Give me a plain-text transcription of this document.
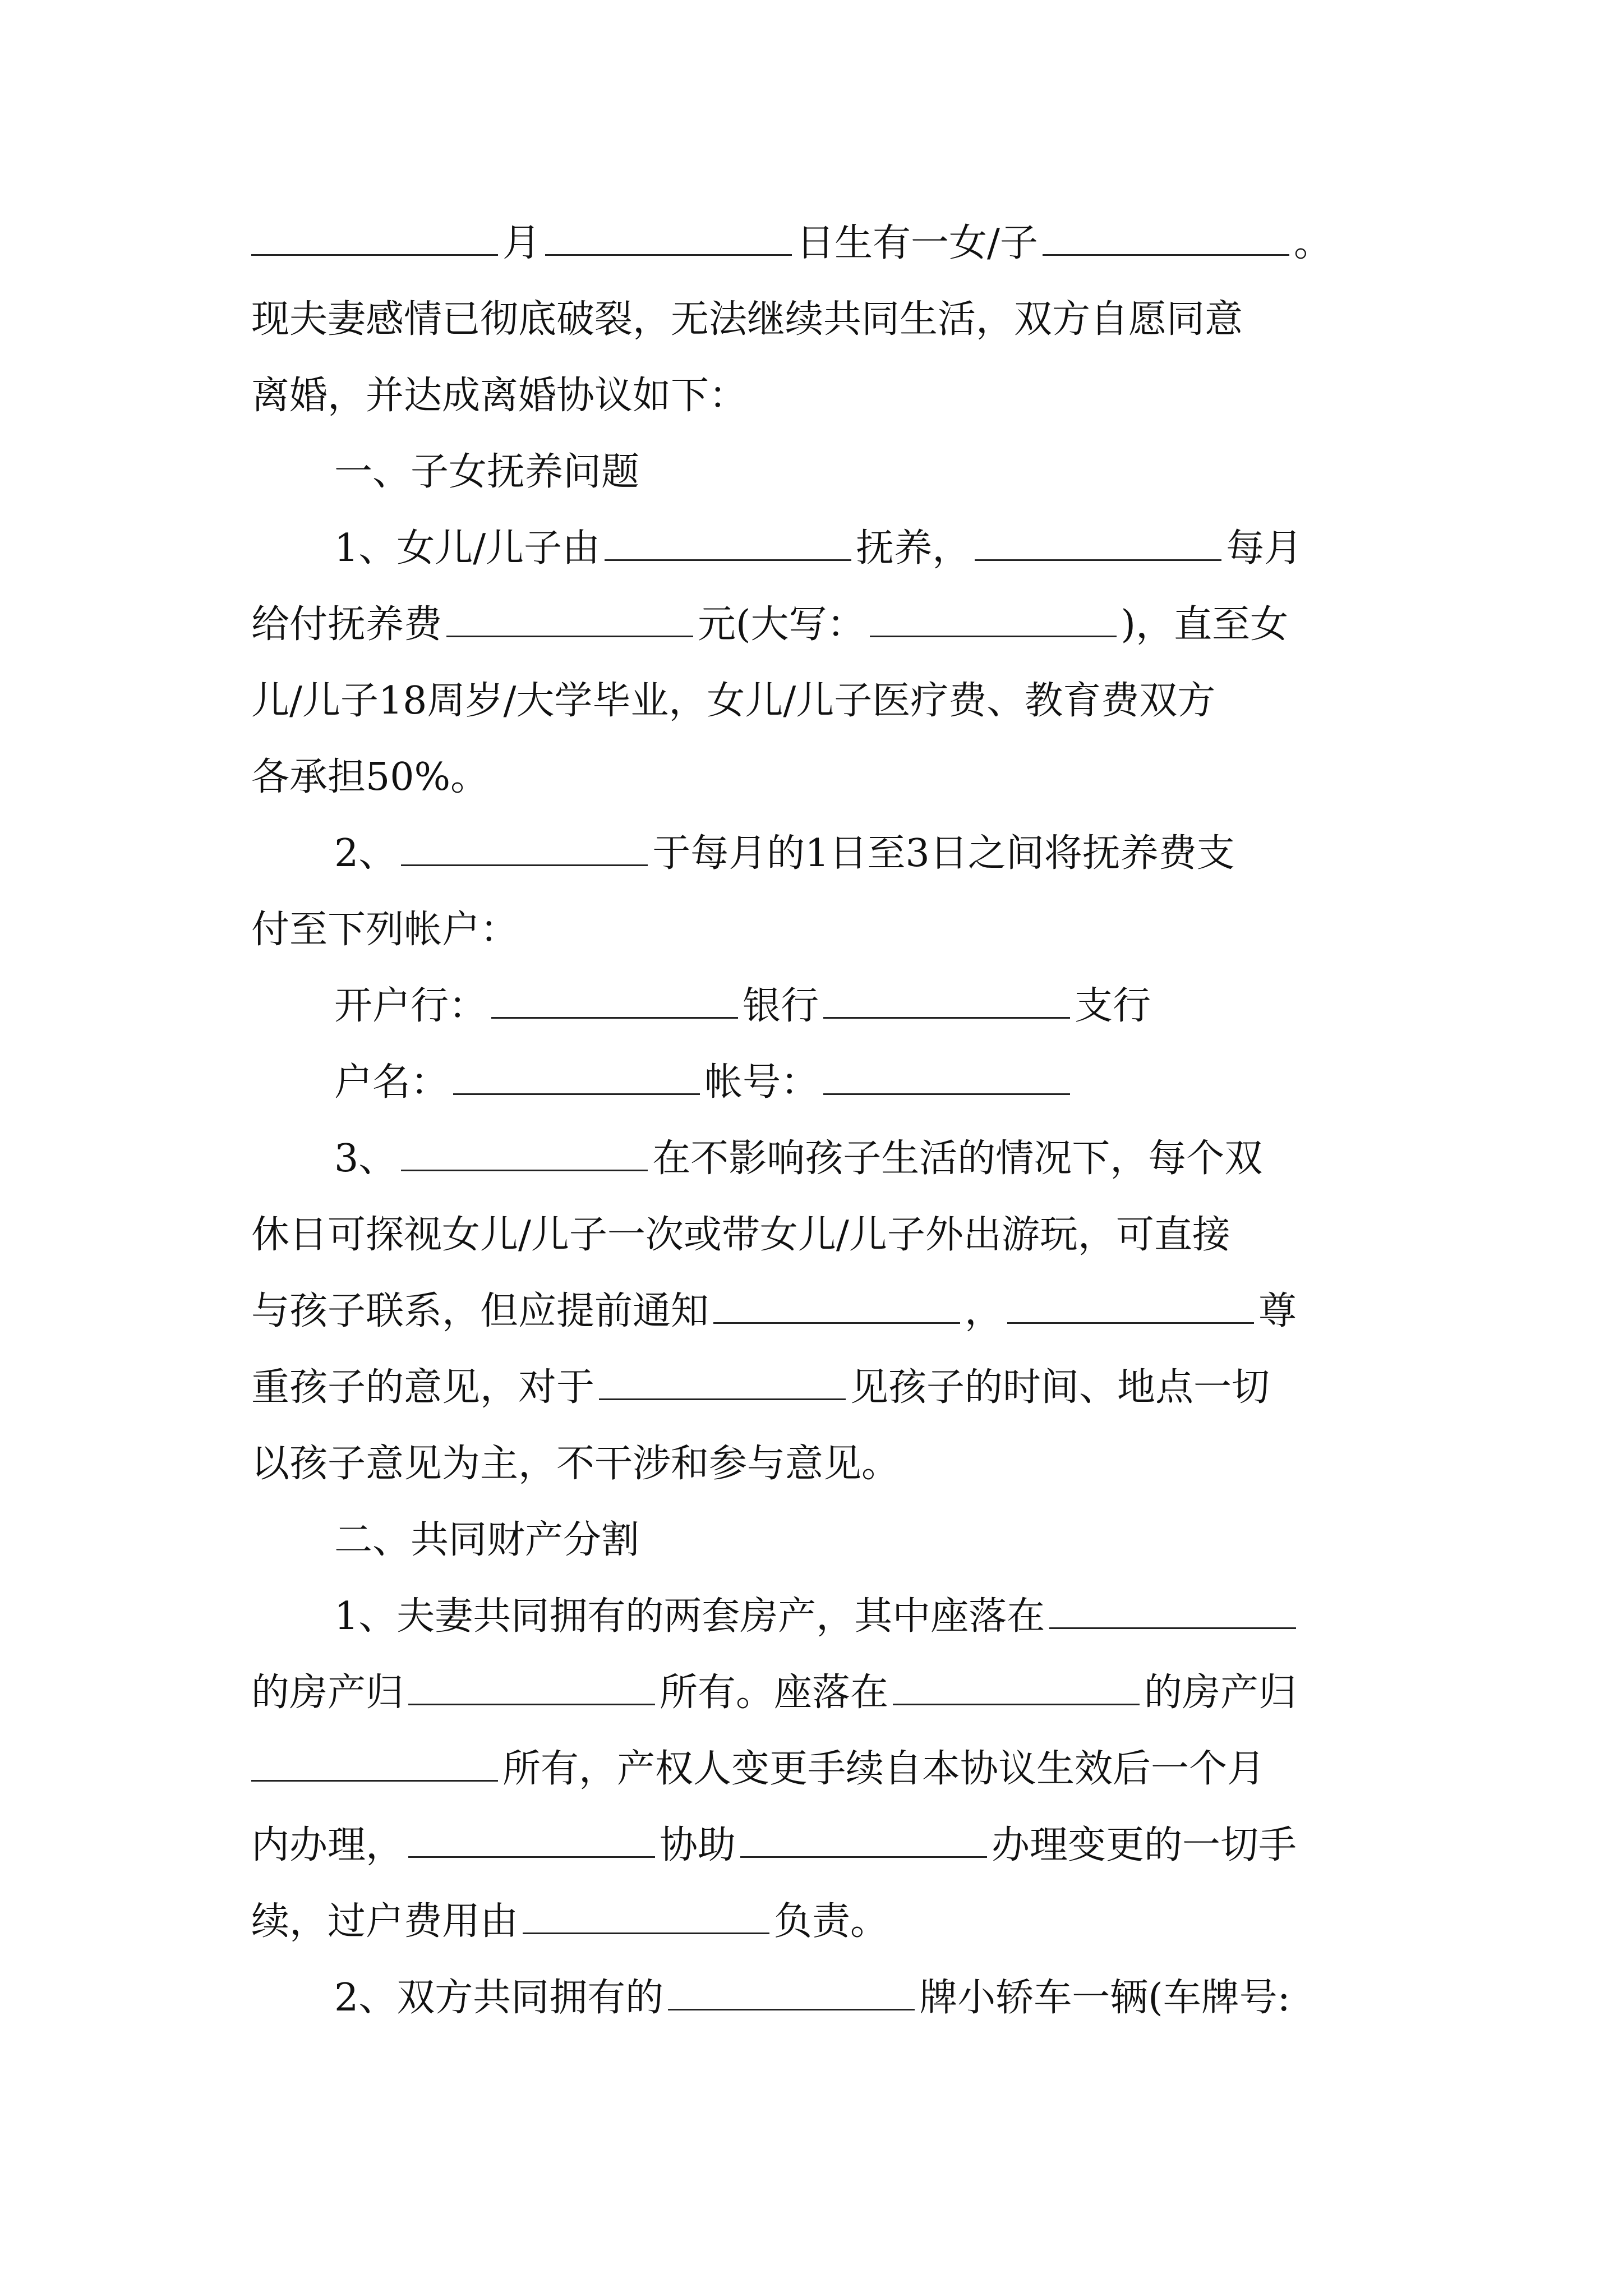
月	日生有一女/子	。
现夫妻感情已彻底破裂，无法继续共同生活，双方自愿同意
离婚，并达成离婚协议如下：
一、子女抚养问题
1、女儿/儿子由	抚养，	每月
给付抚养费	元(大写：	)，直至女
儿/儿子18周岁/大学毕业，女儿/儿子医疗费、教育费双方
各承担50%。
2、	于每月的1日至3日之间将抚养费支
付至下列帐户：
开户行：	银行	支行
户名：	帐号：
3、	在不影响孩子生活的情况下，每个双
休日可探视女儿/儿子一次或带女儿/儿子外出游玩，可直接
与孩子联系，但应提前通知	，	尊
重孩子的意见，对于	见孩子的时间、地点一切
以孩子意见为主，不干涉和参与意见。
二、共同财产分割
1、夫妻共同拥有的两套房产，其中座落在
的房产归	所有。座落在	的房产归
所有，产权人变更手续自本协议生效后一个月
内办理，	协助	办理变更的一切手
续，过户费用由	负责。
2、双方共同拥有的	牌小轿车一辆(车牌号:
